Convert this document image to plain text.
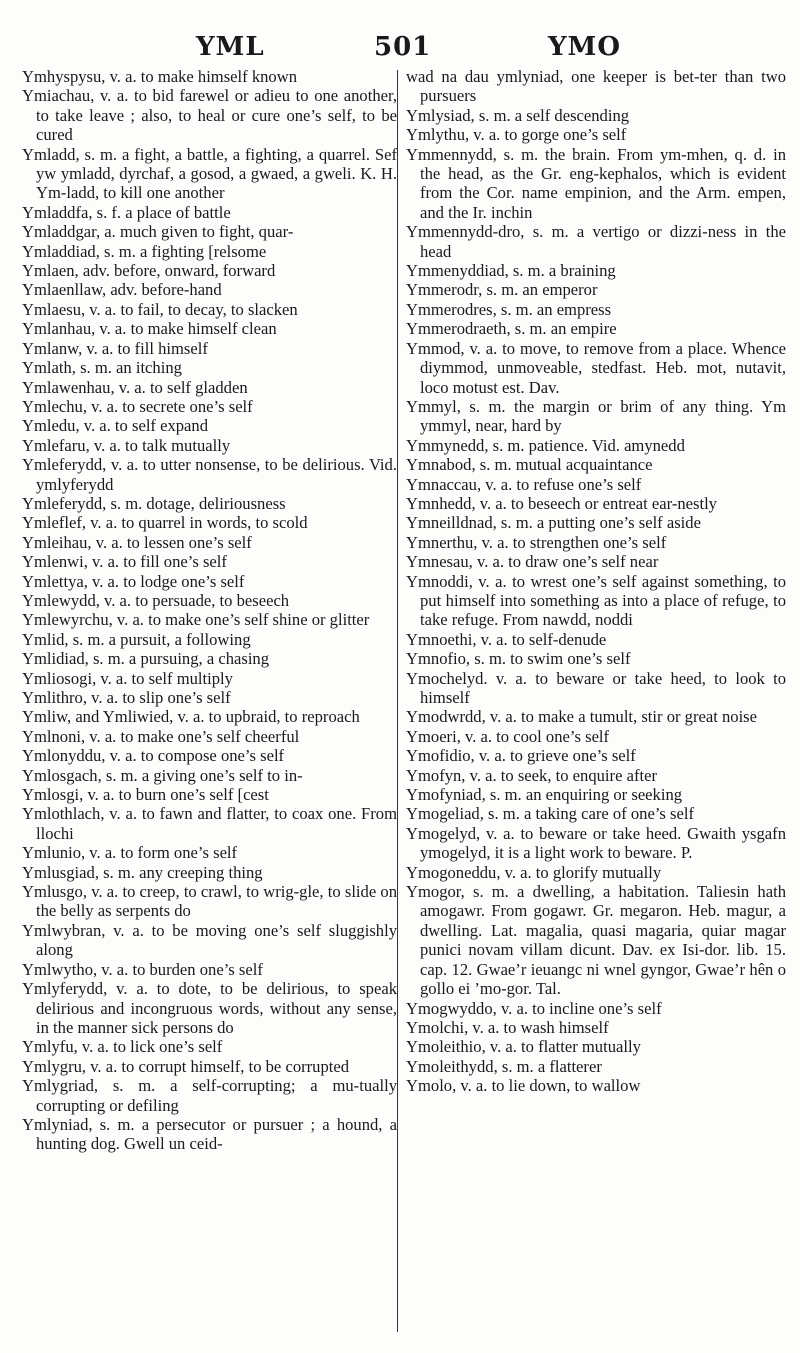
YML	501	YMO

Ymhyspysu, v. a. to make himself known

Ymiachau, v. a. to bid farewel or adieu to one another, to take leave ; also, to heal or cure one’s self, to be cured

Ymladd, s. m. a fight, a battle, a fighting, a quarrel. Sef yw ymladd, dyrchaf, a gosod, a gwaed, a gweli. K. H. Ym-ladd, to kill one another

Ymladdfa, s. f. a place of battle

Ymladdgar, a. much given to fight, quar-

Ymladdiad, s. m. a fighting [relsome

Ymlaen, adv. before, onward, forward

Ymlaenllaw, adv. before-hand

Ymlaesu, v. a. to fail, to decay, to slacken

Ymlanhau, v. a. to make himself clean

Ymlanw, v. a. to fill himself

Ymlath, s. m. an itching

Ymlawenhau, v. a. to self gladden

Ymlechu, v. a. to secrete one’s self

Ymledu, v. a. to self expand

Ymlefaru, v. a. to talk mutually

Ymleferydd, v. a. to utter nonsense, to be delirious. Vid. ymlyferydd

Ymleferydd, s. m. dotage, deliriousness

Ymleflef, v. a. to quarrel in words, to scold

Ymleihau, v. a. to lessen one’s self

Ymlenwi, v. a. to fill one’s self

Ymlettya, v. a. to lodge one’s self

Ymlewydd, v. a. to persuade, to beseech

Ymlewyrchu, v. a. to make one’s self shine or glitter

Ymlid, s. m. a pursuit, a following

Ymlidiad, s. m. a pursuing, a chasing

Ymliosogi, v. a. to self multiply

Ymlithro, v. a. to slip one’s self

Ymliw, and Ymliwied, v. a. to upbraid, to reproach

Ymlnoni, v. a. to make one’s self cheerful

Ymlonyddu, v. a. to compose one’s self

Ymlosgach, s. m. a giving one’s self to in-

Ymlosgi, v. a. to burn one’s self [cest

Ymlothlach, v. a. to fawn and flatter, to coax one. From llochi

Ymlunio, v. a. to form one’s self

Ymlusgiad, s. m. any creeping thing

Ymlusgo, v. a. to creep, to crawl, to wrig-gle, to slide on the belly as serpents do

Ymlwybran, v. a. to be moving one’s self sluggishly along

Ymlwytho, v. a. to burden one’s self

Ymlyferydd, v. a. to dote, to be delirious, to speak delirious and incongruous words, without any sense, in the manner sick persons do

Ymlyfu, v. a. to lick one’s self

Ymlygru, v. a. to corrupt himself, to be corrupted

Ymlygriad, s. m. a self-corrupting; a mu-tually corrupting or defiling

Ymlyniad, s. m. a persecutor or pursuer ; a hound, a hunting dog. Gwell un ceid-

wad na dau ymlyniad, one keeper is bet-ter than two pursuers

Ymlysiad, s. m. a self descending

Ymlythu, v. a. to gorge one’s self

Ymmennydd, s. m. the brain. From ym-mhen, q. d. in the head, as the Gr. eng-kephalos, which is evident from the Cor. name empinion, and the Arm. empen, and the Ir. inchin

Ymmennydd-dro, s. m. a vertigo or dizzi-ness in the head

Ymmenyddiad, s. m. a braining

Ymmerodr, s. m. an emperor

Ymmerodres, s. m. an empress

Ymmerodraeth, s. m. an empire

Ymmod, v. a. to move, to remove from a place. Whence diymmod, unmoveable, stedfast. Heb. mot, nutavit, loco motust est. Dav.

Ymmyl, s. m. the margin or brim of any thing. Ym ymmyl, near, hard by

Ymmynedd, s. m. patience. Vid. amynedd

Ymnabod, s. m. mutual acquaintance

Ymnaccau, v. a. to refuse one’s self

Ymnhedd, v. a. to beseech or entreat ear-nestly

Ymneilldnad, s. m. a putting one’s self aside

Ymnerthu, v. a. to strengthen one’s self

Ymnesau, v. a. to draw one’s self near

Ymnoddi, v. a. to wrest one’s self against something, to put himself into something as into a place of refuge, to take refuge. From nawdd, noddi

Ymnoethi, v. a. to self-denude

Ymnofio, s. m. to swim one’s self

Ymochelyd. v. a. to beware or take heed, to look to himself

Ymodwrdd, v. a. to make a tumult, stir or great noise

Ymoeri, v. a. to cool one’s self

Ymofidio, v. a. to grieve one’s self

Ymofyn, v. a. to seek, to enquire after

Ymofyniad, s. m. an enquiring or seeking

Ymogeliad, s. m. a taking care of one’s self

Ymogelyd, v. a. to beware or take heed. Gwaith ysgafn ymogelyd, it is a light work to beware. P.

Ymogoneddu, v. a. to glorify mutually

Ymogor, s. m. a dwelling, a habitation. Taliesin hath amogawr. From gogawr. Gr. megaron. Heb. magur, a dwelling. Lat. magalia, quasi magaria, quiar magar punici novam villam dicunt. Dav. ex Isi-dor. lib. 15. cap. 12. Gwae’r ieuangc ni wnel gyngor, Gwae’r hên o gollo ei ’mo-gor. Tal.

Ymogwyddo, v. a. to incline one’s self

Ymolchi, v. a. to wash himself

Ymoleithio, v. a. to flatter mutually

Ymoleithydd, s. m. a flatterer

Ymolo, v. a. to lie down, to wallow
